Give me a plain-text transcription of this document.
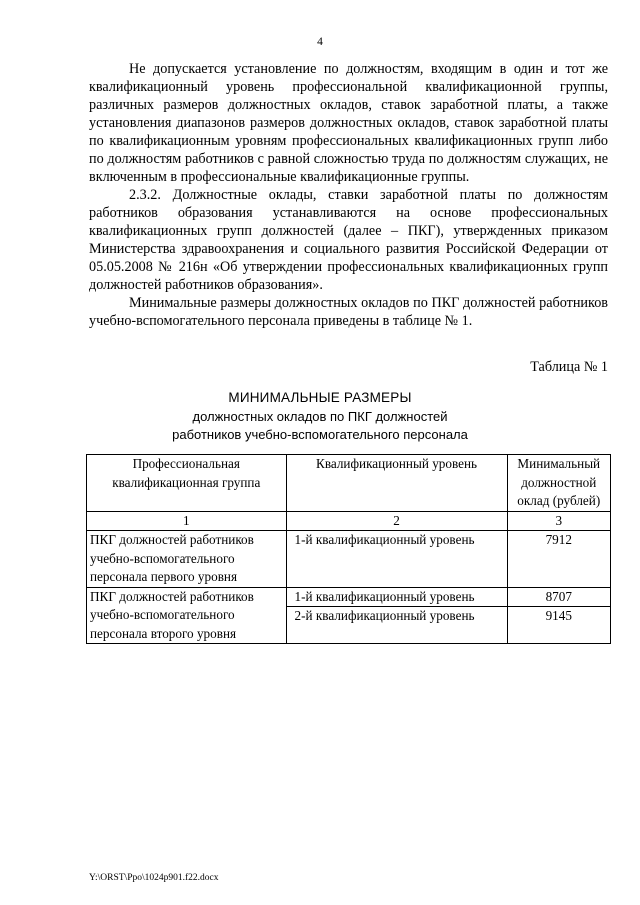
4

Не допускается установление по должностям, входящим в один и тот же квалификационный уровень профессиональной квалификационной группы, различных размеров должностных окладов, ставок заработной платы, а также установления диапазонов размеров должностных окладов, ставок заработной платы по квалификационным уровням профессиональных квалификационных групп либо по должностям работников с равной сложностью труда по должностям служащих, не включенным в профессиональные квалификационные группы.

2.3.2. Должностные оклады, ставки заработной платы по должностям работников образования устанавливаются на основе профессиональных квалификационных групп должностей (далее – ПКГ), утвержденных приказом Министерства здравоохранения и социального развития Российской Федерации от 05.05.2008 № 216н «Об утверждении профессиональных квалификационных групп должностей работников образования».

Минимальные размеры должностных окладов по ПКГ должностей работников учебно-вспомогательного персонала приведены в таблице № 1.

Таблица № 1
МИНИМАЛЬНЫЕ РАЗМЕРЫ
должностных окладов по ПКГ должностей
работников учебно-вспомогательного персонала
Профессиональная квалификационная группа	Квалификационный уровень	Минимальный должностной оклад (рублей)
1	2	3
ПКГ должностей работников учебно-вспомогательного персонала первого уровня	1-й квалификационный уровень	7912
ПКГ должностей работников учебно-вспомогательного персонала второго уровня	1-й квалификационный уровень	8707
	2-й квалификационный уровень	9145
Y:\ORST\Ppo\1024p901.f22.docx
